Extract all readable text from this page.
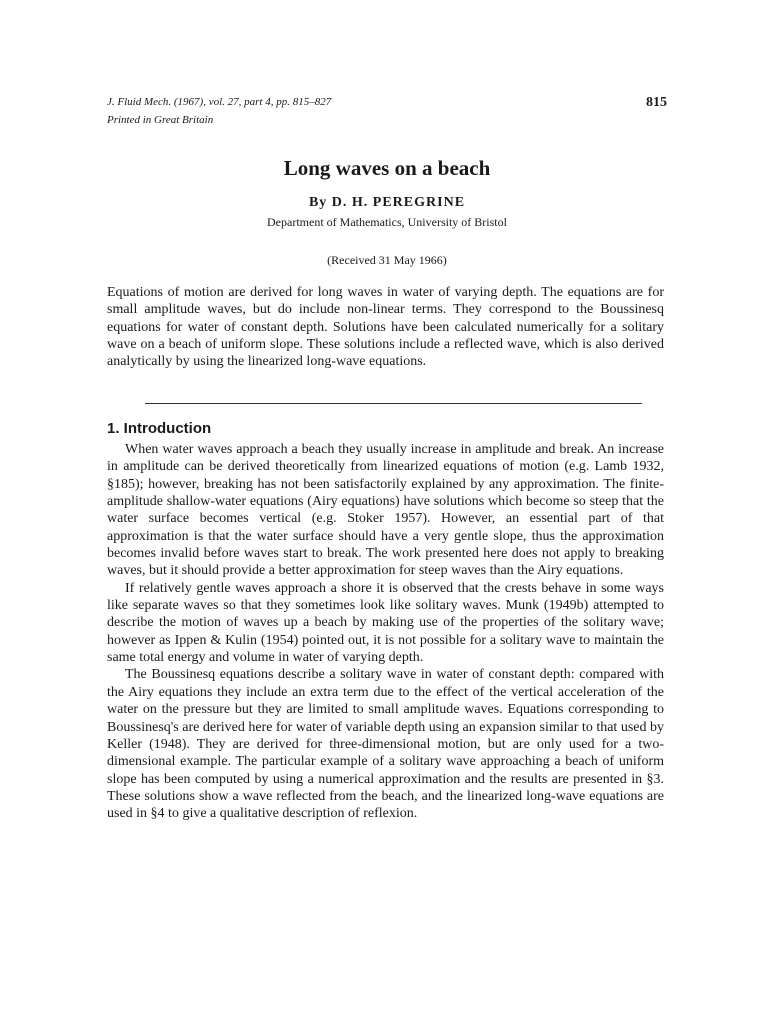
J. Fluid Mech. (1967), vol. 27, part 4, pp. 815–827
Printed in Great Britain
815
Long waves on a beach
By D. H. PEREGRINE
Department of Mathematics, University of Bristol
(Received 31 May 1966)
Equations of motion are derived for long waves in water of varying depth. The equations are for small amplitude waves, but do include non-linear terms. They correspond to the Boussinesq equations for water of constant depth. Solutions have been calculated numerically for a solitary wave on a beach of uniform slope. These solutions include a reflected wave, which is also derived analytically by using the linearized long-wave equations.
1. Introduction

When water waves approach a beach they usually increase in amplitude and break. An increase in amplitude can be derived theoretically from linearized equations of motion (e.g. Lamb 1932, §185); however, breaking has not been satisfactorily explained by any approximation. The finite-amplitude shallow-water equations (Airy equations) have solutions which become so steep that the water surface becomes vertical (e.g. Stoker 1957). However, an essential part of that approximation is that the water surface should have a very gentle slope, thus the approximation becomes invalid before waves start to break. The work presented here does not apply to breaking waves, but it should provide a better approximation for steep waves than the Airy equations.

If relatively gentle waves approach a shore it is observed that the crests behave in some ways like separate waves so that they sometimes look like solitary waves. Munk (1949b) attempted to describe the motion of waves up a beach by making use of the properties of the solitary wave; however as Ippen & Kulin (1954) pointed out, it is not possible for a solitary wave to maintain the same total energy and volume in water of varying depth.

The Boussinesq equations describe a solitary wave in water of constant depth: compared with the Airy equations they include an extra term due to the effect of the vertical acceleration of the water on the pressure but they are limited to small amplitude waves. Equations corresponding to Boussinesq's are derived here for water of variable depth using an expansion similar to that used by Keller (1948). They are derived for three-dimensional motion, but are only used for a two-dimensional example. The particular example of a solitary wave approaching a beach of uniform slope has been computed by using a numerical approximation and the results are presented in §3. These solutions show a wave reflected from the beach, and the linearized long-wave equations are used in §4 to give a qualitative description of reflexion.
